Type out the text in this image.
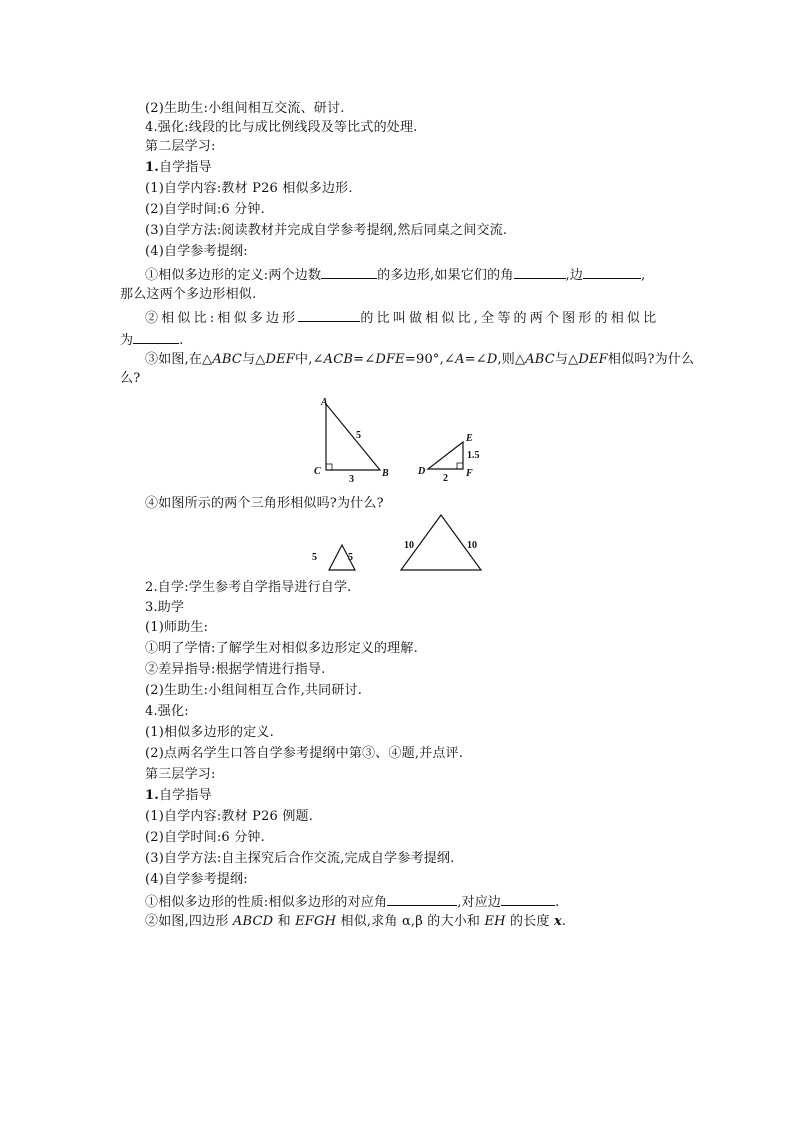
(2)生助生:小组间相互交流、研讨.
4.强化:线段的比与成比例线段及等比式的处理.
第二层学习:
1.自学指导
(1)自学内容:教材 P26 相似多边形.
(2)自学时间:6 分钟.
(3)自学方法:阅读教材并完成自学参考提纲,然后同桌之间交流.
(4)自学参考提纲:
①相似多边形的定义:两个边数	的多边形,如果它们的角	,边	,
那么这两个多边形相似.
②相似比:相似多边形	的比叫做相似比,全等的两个图形的相似比
为	.
③如图,在△ABC与△DEF中,∠ACB=∠DFE=90°,∠A=∠D,则△ABC与△DEF相似吗?为什么
么?
A
C	B
5
3
D
E
F
1.5
2
④如图所示的两个三角形相似吗?为什么?
5	5
10	10
2.自学:学生参考自学指导进行自学.
3.助学
(1)师助生:
①明了学情:了解学生对相似多边形定义的理解.
②差异指导:根据学情进行指导.
(2)生助生:小组间相互合作,共同研讨.
4.强化:
(1)相似多边形的定义.
(2)点两名学生口答自学参考提纲中第③、④题,并点评.
第三层学习:
1.自学指导
(1)自学内容:教材 P26 例题.
(2)自学时间:6 分钟.
(3)自学方法:自主探究后合作交流,完成自学参考提纲.
(4)自学参考提纲:
①相似多边形的性质:相似多边形的对应角	,对应边	.
②如图,四边形 ABCD 和 EFGH 相似,求角 α,β 的大小和 EH 的长度 x.
